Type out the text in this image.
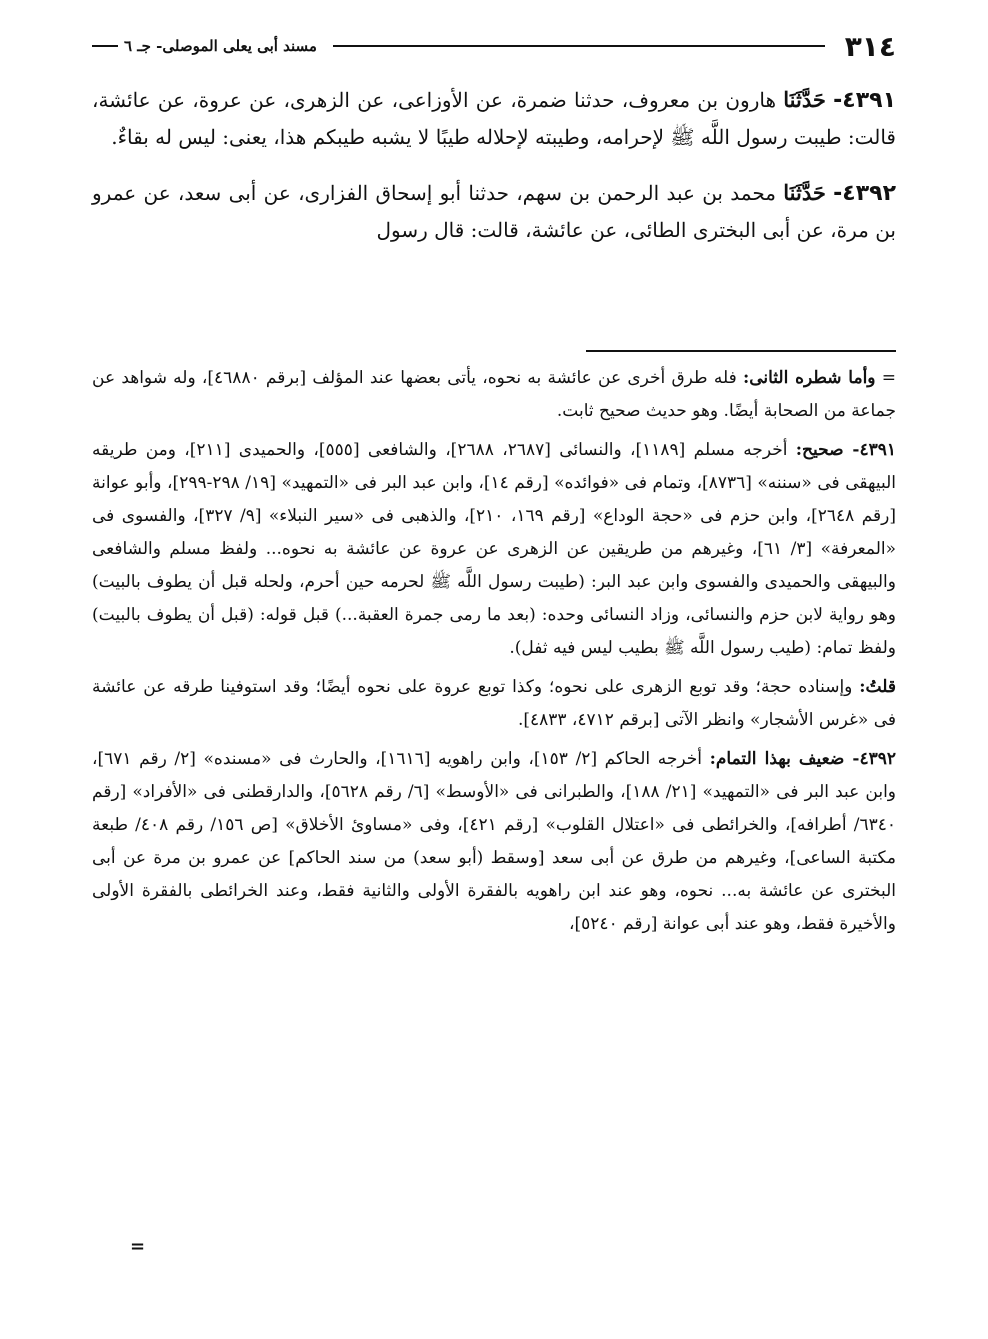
٣١٤
مسند أبى يعلى الموصلى- جـ ٦

٤٣٩١- حَدَّثَنَا هارون بن معروف، حدثنا ضمرة، عن الأوزاعى، عن الزهرى، عن عروة، عن عائشة، قالت: طيبت رسول اللَّه ﷺ لإحرامه، وطيبته لإحلاله طيبًا لا يشبه طيبكم هذا، يعنى: ليس له بقاءٌ.

٤٣٩٢- حَدَّثَنَا محمد بن عبد الرحمن بن سهم، حدثنا أبو إسحاق الفزارى، عن أبى سعد، عن عمرو بن مرة، عن أبى البخترى الطائى، عن عائشة، قالت: قال رسول

= وأما شطره الثانى: فله طرق أخرى عن عائشة به نحوه، يأتى بعضها عند المؤلف [برقم ٤٦٨٨٠]، وله شواهد عن جماعة من الصحابة أيضًا. وهو حديث صحيح ثابت.

٤٣٩١- صحيح: أخرجه مسلم [١١٨٩]، والنسائى [٢٦٨٧، ٢٦٨٨]، والشافعى [٥٥٥]، والحميدى [٢١١]، ومن طريقه البيهقى فى «سننه» [٨٧٣٦]، وتمام فى «فوائده» [رقم ١٤]، وابن عبد البر فى «التمهيد» [١٩/ ٢٩٨-٢٩٩]، وأبو عوانة [رقم ٢٦٤٨]، وابن حزم فى «حجة الوداع» [رقم ١٦٩، ٢١٠]، والذهبى فى «سير النبلاء» [٩/ ٣٢٧]، والفسوى فى «المعرفة» [٣/ ٦١]، وغيرهم من طريقين عن الزهرى عن عروة عن عائشة به نحوه... ولفظ مسلم والشافعى والبيهقى والحميدى والفسوى وابن عبد البر: (طيبت رسول اللَّه ﷺ لحرمه حين أحرم، ولحله قبل أن يطوف بالبيت) وهو رواية لابن حزم والنسائى، وزاد النسائى وحده: (بعد ما رمى جمرة العقبة...) قبل قوله: (قبل أن يطوف بالبيت) ولفظ تمام: (طيب رسول اللَّه ﷺ بطيب ليس فيه ثفل).

قلتُ: وإسناده حجة؛ وقد توبع الزهرى على نحوه؛ وكذا توبع عروة على نحوه أيضًا؛ وقد استوفينا طرقه عن عائشة فى «غرس الأشجار» وانظر الآتى [برقم ٤٧١٢، ٤٨٣٣].

٤٣٩٢- ضعيف بهذا التمام: أخرجه الحاكم [٢/ ١٥٣]، وابن راهويه [١٦١٦]، والحارث فى «مسنده» [٢/ رقم ٦٧١]، وابن عبد البر فى «التمهيد» [٢١/ ١٨٨]، والطبرانى فى «الأوسط» [٦/ رقم ٥٦٢٨]، والدارقطنى فى «الأفراد» [رقم ٦٣٤٠/ أطرافه]، والخرائطى فى «اعتلال القلوب» [رقم ٤٢١]، وفى «مساوئ الأخلاق» [ص ١٥٦/ رقم ٤٠٨/ طبعة مكتبة الساعى]، وغيرهم من طرق عن أبى سعد [وسقط (أبو سعد) من سند الحاكم] عن عمرو بن مرة عن أبى البخترى عن عائشة به... نحوه، وهو عند ابن راهويه بالفقرة الأولى والثانية فقط، وعند الخرائطى بالفقرة الأولى والأخيرة فقط، وهو عند أبى عوانة [رقم ٥٢٤٠]،

=
